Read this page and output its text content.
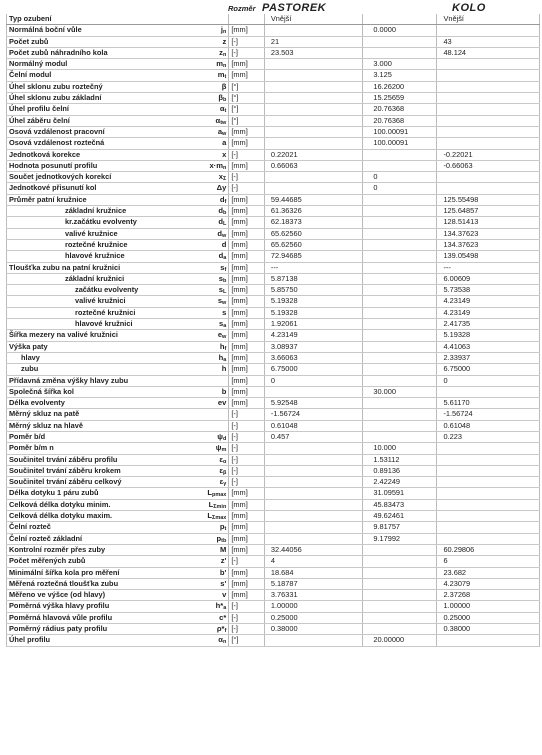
Rozměr PASTOREK	KOLO
Typ ozubení			Vnější		Vnější
Normálná boční vůle	$j_n$	[mm]		0.0000	
Počet zubů	z	[-]	21		43
Počet zubů náhradního kola	$z_n$	[-]	23.503		48.124
Normálný modul	$m_n$	[mm]		3.000	
Čelní modul	$m_t$	[mm]		3.125	
Úhel sklonu zubu roztečný	β	[°]		16.26200	
Úhel sklonu zubu základní	$\beta_b$	[°]		15.25659	
Úhel profilu čelní	$\alpha_t$	[°]		20.76368	
Úhel záběru čelní	$\alpha_{tw}$	[°]		20.76368	
Osová vzdálenost pracovní	$a_w$	[mm]		100.00091	
Osová vzdálenost roztečná	a	[mm]		100.00091	
Jednotková korekce	x	[-]	0.22021		-0.22021
Hodnota posunutí profilu	$x\cdot m_n$	[mm]	0.66063		-0.66063
Součet jednotkových korekcí	$x_\Sigma$	[-]		0	
Jednotkové přisunutí kol	Δy	[-]		0	
Průměr patní kružnice	$d_f$	[mm]	59.44685		125.55498
základní kružnice	$d_b$	[mm]	61.36326		125.64857
kr.začátku evolventy	$d_L$	[mm]	62.18373		128.51413
valivé kružnice	$d_w$	[mm]	65.62560		134.37623
roztečné kružnice	d	[mm]	65.62560		134.37623
hlavové kružnice	$d_a$	[mm]	72.94685		139.05498
Tloušťka zubu na patní kružnici	$s_f$	[mm]	---		---
základní kružnici	$s_b$	[mm]	5.87138		6.00609
začátku evolventy	$s_L$	[mm]	5.85750		5.73538
valivé kružnici	$s_w$	[mm]	5.19328		4.23149
roztečné kružnici	s	[mm]	5.19328		4.23149
hlavové kružnici	$s_a$	[mm]	1.92061		2.41735
Šířka mezery na valivé kružnici	$e_w$	[mm]	4.23149		5.19328
Výška paty	$h_f$	[mm]	3.08937		4.41063
hlavy	$h_a$	[mm]	3.66063		2.33937
zubu	h	[mm]	6.75000		6.75000
Přídavná změna výšky hlavy zubu		[mm]	0		0
Společná šířka kol	b	[mm]		30.000	
Délka evolventy	ev	[mm]	5.92548		5.61170
Měrný skluz na patě		[-]	-1.56724		-1.56724
Měrný skluz na hlavě		[-]	0.61048		0.61048
Poměr b/d	$\psi_d$	[-]	0.457		0.223
Poměr b/m n	$\psi_m$	[-]		10.000	
Součinitel trvání záběru profilu	$\varepsilon_\alpha$	[-]		1.53112	
Součinitel trvání záběru krokem	$\varepsilon_\beta$	[-]		0.89136	
Součinitel trvání záběru celkový	$\varepsilon_\gamma$	[-]		2.42249	
Délka dotyku 1 páru zubů	$L_{pmax}$	[mm]		31.09591	
Celková délka dotyku minim.	$L_{\Sigma min}$	[mm]		45.83473	
Celková délka dotyku maxim.	$L_{\Sigma max}$	[mm]		49.62461	
Čelní rozteč	$p_t$	[mm]		9.81757	
Čelní rozteč základní	$p_{tb}$	[mm]		9.17992	
Kontrolní rozměr přes zuby	M	[mm]	32.44056		60.29806
Počet měřených zubů	z'	[-]	4		6
Minimální šířka kola pro měření	b'	[mm]	18.684		23.682
Měřená roztečná tloušťka zubu	s'	[mm]	5.18787		4.23079
Měřeno ve výšce (od hlavy)	v	[mm]	3.76331		2.37268
Poměrná výška hlavy profilu	$h*_a$	[-]	1.00000		1.00000
Poměrná hlavová vůle profilu	c*	[-]	0.25000		0.25000
Poměrný rádius paty profilu	$\rho*_f$	[-]	0.38000		0.38000
Úhel profilu	$\alpha_n$	[°]		20.00000	
